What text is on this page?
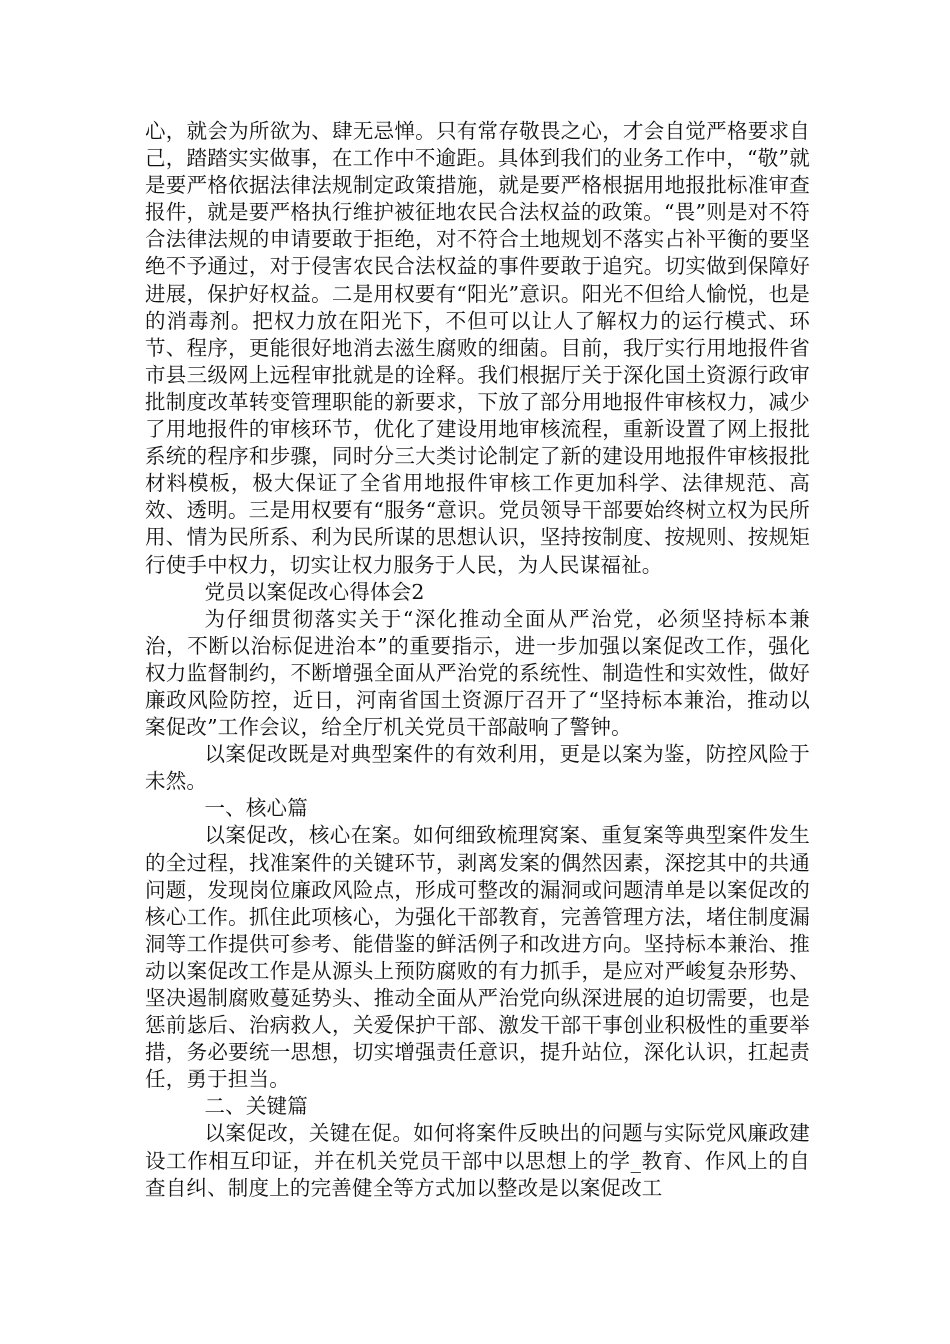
心，就会为所欲为、肆无忌惮。只有常存敬畏之心，才会自觉严格要求自己，踏踏实实做事，在工作中不逾距。具体到我们的业务工作中，“敬”就是要严格依据法律法规制定政策措施，就是要严格根据用地报批标准审查报件，就是要严格执行维护被征地农民合法权益的政策。“畏”则是对不符合法律法规的申请要敢于拒绝，对不符合土地规划不落实占补平衡的要坚绝不予通过，对于侵害农民合法权益的事件要敢于追究。切实做到保障好进展，保护好权益。二是用权要有“阳光”意识。阳光不但给人愉悦，也是的消毒剂。把权力放在阳光下，不但可以让人了解权力的运行模式、环节、程序，更能很好地消去滋生腐败的细菌。目前，我厅实行用地报件省市县三级网上远程审批就是的诠释。我们根据厅关于深化国土资源行政审批制度改革转变管理职能的新要求，下放了部分用地报件审核权力，减少了用地报件的审核环节，优化了建设用地审核流程，重新设置了网上报批系统的程序和步骤，同时分三大类讨论制定了新的建设用地报件审核报批材料模板，极大保证了全省用地报件审核工作更加科学、法律规范、高效、透明。三是用权要有“服务“意识。党员领导干部要始终树立权为民所用、情为民所系、利为民所谋的思想认识，坚持按制度、按规则、按规矩行使手中权力，切实让权力服务于人民，为人民谋福祉。

党员以案促改心得体会2

为仔细贯彻落实关于“深化推动全面从严治党，必须坚持标本兼治，不断以治标促进治本”的重要指示，进一步加强以案促改工作，强化权力监督制约，不断增强全面从严治党的系统性、制造性和实效性，做好廉政风险防控，近日，河南省国土资源厅召开了“坚持标本兼治，推动以案促改”工作会议，给全厅机关党员干部敲响了警钟。

以案促改既是对典型案件的有效利用，更是以案为鉴，防控风险于未然。

一、核心篇

以案促改，核心在案。如何细致梳理窝案、重复案等典型案件发生的全过程，找准案件的关键环节，剥离发案的偶然因素，深挖其中的共通问题，发现岗位廉政风险点，形成可整改的漏洞或问题清单是以案促改的核心工作。抓住此项核心，为强化干部教育，完善管理方法，堵住制度漏洞等工作提供可参考、能借鉴的鲜活例子和改进方向。坚持标本兼治、推动以案促改工作是从源头上预防腐败的有力抓手，是应对严峻复杂形势、坚决遏制腐败蔓延势头、推动全面从严治党向纵深进展的迫切需要，也是惩前毖后、治病救人，关爱保护干部、激发干部干事创业积极性的重要举措，务必要统一思想，切实增强责任意识，提升站位，深化认识，扛起责任，勇于担当。

二、关键篇

以案促改，关键在促。如何将案件反映出的问题与实际党风廉政建设工作相互印证，并在机关党员干部中以思想上的学_教育、作风上的自查自纠、制度上的完善健全等方式加以整改是以案促改工
